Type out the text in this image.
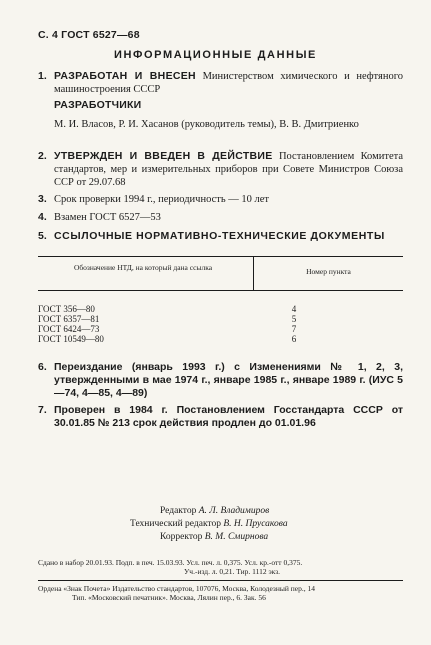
С. 4 ГОСТ 6527—68
ИНФОРМАЦИОННЫЕ ДАННЫЕ
1. РАЗРАБОТАН И ВНЕСЕН Министерством химического и нефтяного машиностроения СССР
РАЗРАБОТЧИКИ
М. И. Власов, Р. И. Хасанов (руководитель темы), В. В. Дмитриенко
2. УТВЕРЖДЕН И ВВЕДЕН В ДЕЙСТВИЕ Постановлением Комитета стандартов, мер и измерительных приборов при Совете Министров Союза ССР от 29.07.68
3. Срок проверки 1994 г., периодичность — 10 лет
4. Взамен ГОСТ 6527—53
5. ССЫЛОЧНЫЕ НОРМАТИВНО-ТЕХНИЧЕСКИЕ ДОКУМЕНТЫ
Обозначение НТД, на который дана ссылка	Номер пункта
ГОСТ 356—80	4
ГОСТ 6357—81	5
ГОСТ 6424—73	7
ГОСТ 10549—80	6
6. Переиздание (январь 1993 г.) с Изменениями № 1, 2, 3, утвержденными в мае 1974 г., январе 1985 г., январе 1989 г. (ИУС 5—74, 4—85, 4—89)
7. Проверен в 1984 г. Постановлением Госстандарта СССР от 30.01.85 № 213 срок действия продлен до 01.01.96
Редактор А. Л. Владимиров
Технический редактор В. Н. Прусакова
Корректор В. М. Смирнова
Сдано в набор 20.01.93. Подп. в печ. 15.03.93. Усл. печ. л. 0,375. Усл. кр.-отт 0,375.
Уч.-изд. л. 0,21. Тир. 1112 экз.
Ордена «Знак Почета» Издательство стандартов, 107076, Москва, Колодезный пер., 14
Тип. «Московский печатник». Москва, Лялин пер., 6. Зак. 56
